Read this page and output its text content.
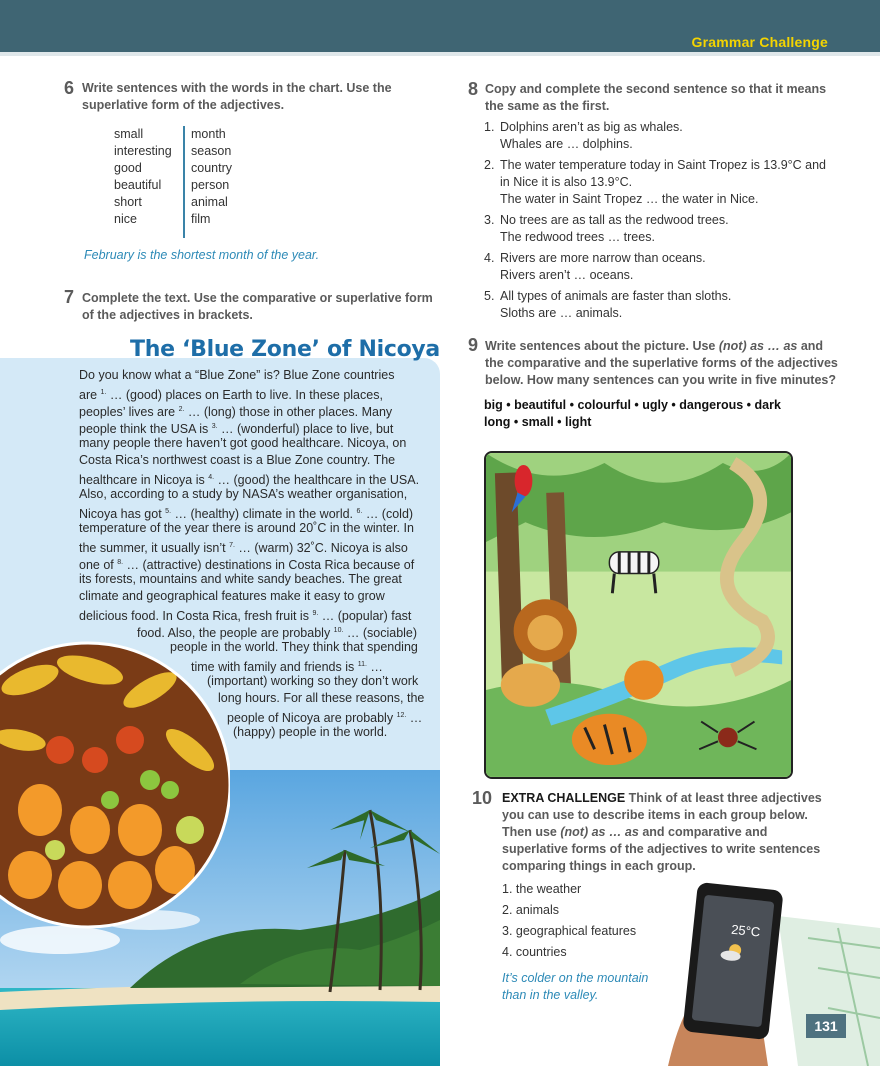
Grammar Challenge
6 Write sentences with the words in the chart. Use the
superlative form of the adjectives.
small
interesting
good
beautiful
short
nice
month
season
country
person
animal
film
February is the shortest month of the year.
7 Complete the text. Use the comparative or superlative form
of the adjectives in brackets.
The ‘Blue Zone’ of Nicoya
Do you know what a “Blue Zone” is? Blue Zone countries
are $^{1.}$ … (good) places on Earth to live. In these places,
peoples’ lives are $^{2.}$ … (long) those in other places. Many
people think the USA is $^{3.}$ … (wonderful) place to live, but
many people there haven’t got good healthcare. Nicoya, on
Costa Rica’s northwest coast is a Blue Zone country. The
healthcare in Nicoya is $^{4.}$ … (good) the healthcare in the USA.
Also, according to a study by NASA’s weather organisation,
Nicoya has got $^{5.}$ … (healthy) climate in the world. $^{6.}$ … (cold)
temperature of the year there is around 20˚C in the winter. In
the summer, it usually isn’t $^{7.}$ … (warm) 32˚C. Nicoya is also
one of $^{8.}$ … (attractive) destinations in Costa Rica because of
its forests, mountains and white sandy beaches. The great
climate and geographical features make it easy to grow
delicious food. In Costa Rica, fresh fruit is $^{9.}$ … (popular) fast
food. Also, the people are probably $^{10.}$ … (sociable)
people in the world. They think that spending
time with family and friends is $^{11.}$ …
(important) working so they don’t work
long hours. For all these reasons, the
people of Nicoya are probably $^{12.}$ …
(happy) people in the world.
8 Copy and complete the second sentence so that it means
the same as the first.
1. Dolphins aren’t as big as whales.
Whales are … dolphins.
2. The water temperature today in Saint Tropez is 13.9°C and
in Nice it is also 13.9°C.
The water in Saint Tropez … the water in Nice.
3. No trees are as tall as the redwood trees.
The redwood trees … trees.
4. Rivers are more narrow than oceans.
Rivers aren’t … oceans.
5. All types of animals are faster than sloths.
Sloths are … animals.
9 Write sentences about the picture. Use (not) as … as and
the comparative and the superlative forms of the adjectives
below. How many sentences can you write in five minutes?
big • beautiful • colourful • ugly • dangerous • dark
long • small • light
10 EXTRA CHALLENGE Think of at least three adjectives
you can use to describe items in each group below.
Then use (not) as … as and comparative and
superlative forms of the adjectives to write sentences
comparing things in each group.
1. the weather
2. animals
3. geographical features
4. countries
It’s colder on the mountain
than in the valley.
25°C
131
